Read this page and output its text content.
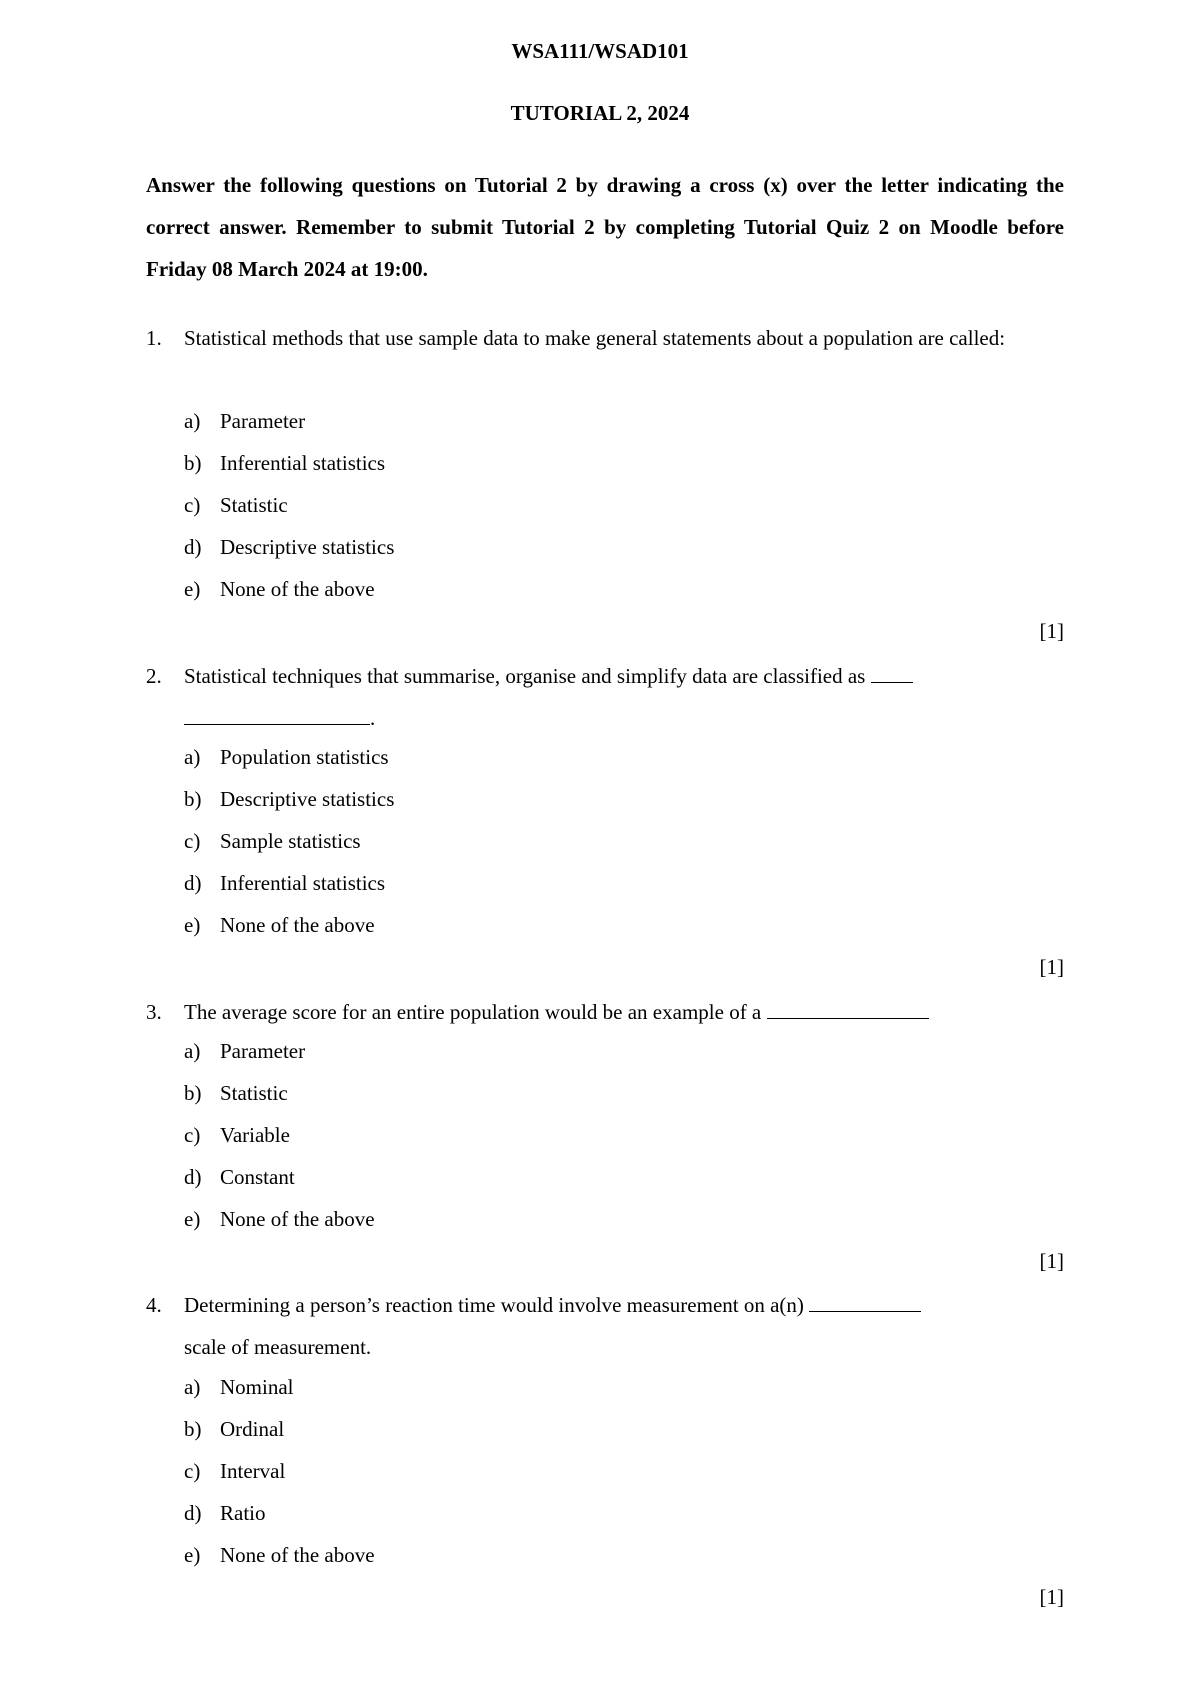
WSA111/WSAD101
TUTORIAL 2, 2024

Answer the following questions on Tutorial 2 by drawing a cross (x) over the letter indicating the correct answer. Remember to submit Tutorial 2 by completing Tutorial Quiz 2 on Moodle before Friday 08 March 2024 at 19:00.

1. Statistical methods that use sample data to make general statements about a population are called:

a) Parameter
b) Inferential statistics
c) Statistic
d) Descriptive statistics
e) None of the above
[1]
2. Statistical techniques that summarise, organise and simplify data are classified as
.

a) Population statistics
b) Descriptive statistics
c) Sample statistics
d) Inferential statistics
e) None of the above
[1]
3. The average score for an entire population would be an example of a

a) Parameter
b) Statistic
c) Variable
d) Constant
e) None of the above
[1]
4. Determining a person’s reaction time would involve measurement on a(n)
scale of measurement.

a) Nominal
b) Ordinal
c) Interval
d) Ratio
e) None of the above
[1]
